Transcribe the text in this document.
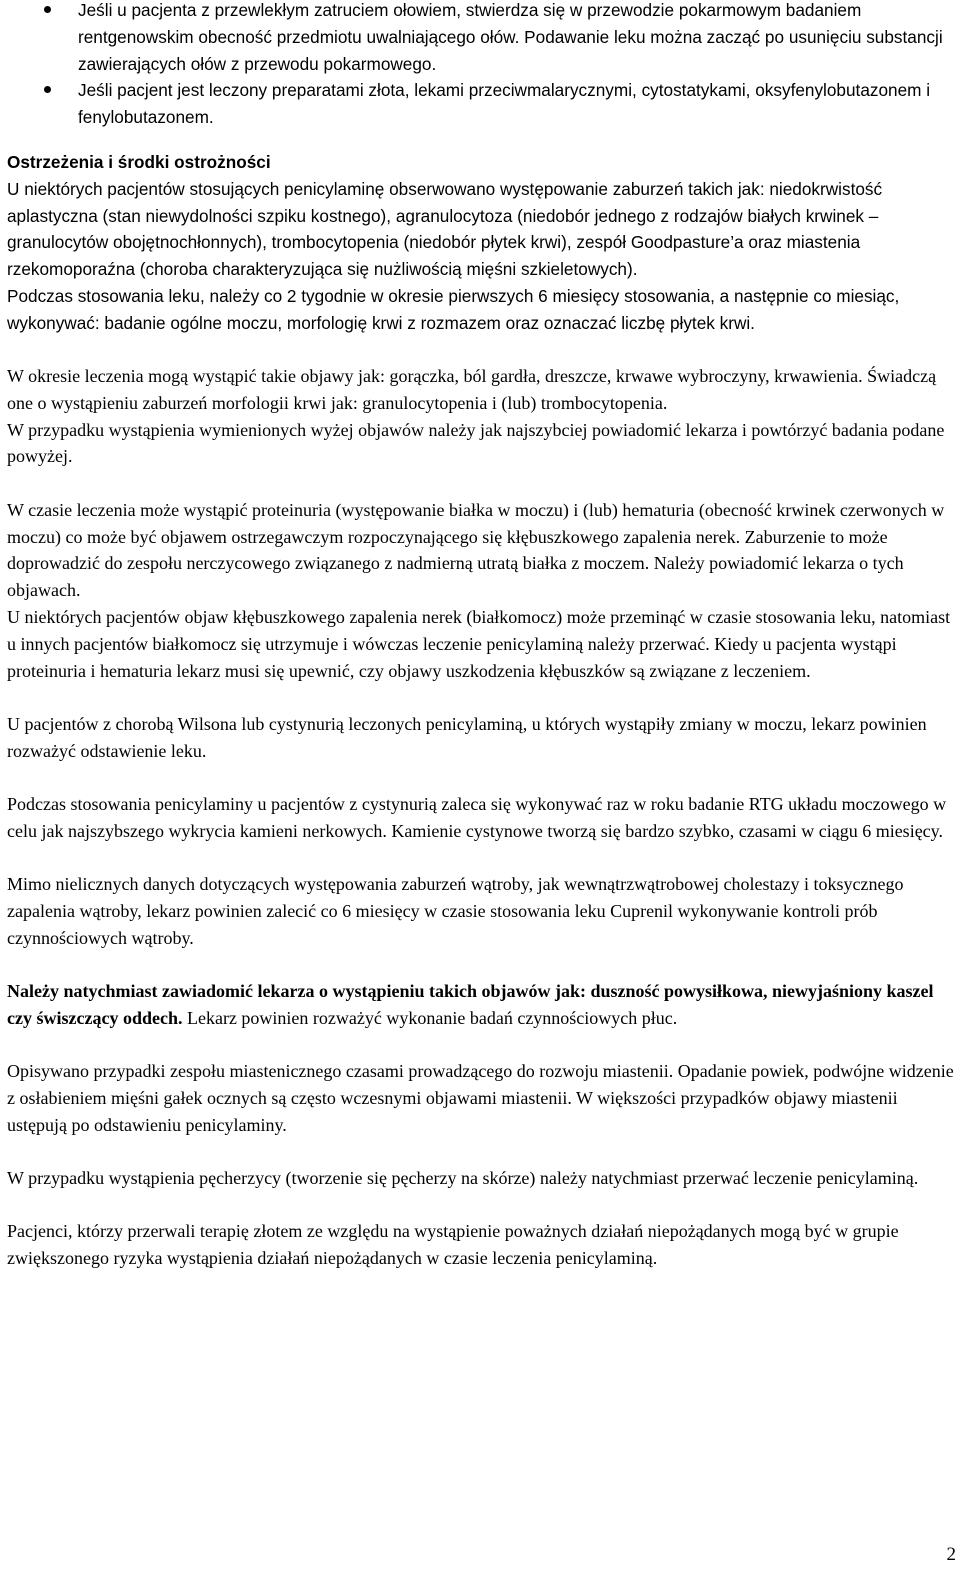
Jeśli u pacjenta z przewlekłym zatruciem ołowiem, stwierdza się w przewodzie pokarmowym badaniem rentgenowskim obecność przedmiotu uwalniającego ołów. Podawanie leku można zacząć po usunięciu substancji zawierających ołów z przewodu pokarmowego.
Jeśli pacjent jest leczony preparatami złota, lekami przeciwmalarycznymi, cytostatykami, oksyfenylobutazonem i fenylobutazonem.
Ostrzeżenia i środki ostrożności

U niektórych pacjentów stosujących penicylaminę obserwowano występowanie zaburzeń takich jak: niedokrwistość aplastyczna (stan niewydolności szpiku kostnego), agranulocytoza (niedobór jednego z rodzajów białych krwinek – granulocytów obojętnochłonnych), trombocytopenia (niedobór płytek krwi), zespół Goodpasture’a oraz miastenia rzekomoporaźna (choroba charakteryzująca się nużliwością mięśni szkieletowych).

Podczas stosowania leku, należy co 2 tygodnie w okresie pierwszych 6 miesięcy stosowania, a następnie co miesiąc, wykonywać: badanie ogólne moczu, morfologię krwi z rozmazem oraz oznaczać liczbę płytek krwi.

W okresie leczenia mogą wystąpić takie objawy jak: gorączka, ból gardła, dreszcze, krwawe wybroczyny, krwawienia. Świadczą one o wystąpieniu zaburzeń morfologii krwi jak: granulocytopenia i (lub) trombocytopenia.

W przypadku wystąpienia wymienionych wyżej objawów należy jak najszybciej powiadomić lekarza i powtórzyć badania podane powyżej.

W czasie leczenia może wystąpić proteinuria (występowanie białka w moczu) i (lub) hematuria (obecność krwinek czerwonych w moczu) co może być objawem ostrzegawczym rozpoczynającego się kłębuszkowego zapalenia nerek. Zaburzenie to może doprowadzić do zespołu nerczycowego związanego z nadmierną utratą białka z moczem. Należy powiadomić lekarza o tych objawach.

U niektórych pacjentów objaw kłębuszkowego zapalenia nerek (białkomocz) może przeminąć w czasie stosowania leku, natomiast u innych pacjentów białkomocz się utrzymuje i wówczas leczenie penicylaminą należy przerwać. Kiedy u pacjenta wystąpi proteinuria i hematuria lekarz musi się upewnić, czy objawy uszkodzenia kłębuszków są związane z leczeniem.

U pacjentów z chorobą Wilsona lub cystynurią leczonych penicylaminą, u których wystąpiły zmiany w moczu, lekarz powinien rozważyć odstawienie leku.

Podczas stosowania penicylaminy u pacjentów z cystynurią zaleca się wykonywać raz w roku badanie RTG układu moczowego w celu jak najszybszego wykrycia kamieni nerkowych. Kamienie cystynowe tworzą się bardzo szybko, czasami w ciągu 6 miesięcy.

Mimo nielicznych danych dotyczących występowania zaburzeń wątroby, jak wewnątrzwątrobowej cholestazy i toksycznego zapalenia wątroby, lekarz powinien zalecić co 6 miesięcy w czasie stosowania leku Cuprenil wykonywanie kontroli prób czynnościowych wątroby.

Należy natychmiast zawiadomić lekarza o wystąpieniu takich objawów jak: duszność powysiłkowa, niewyjaśniony kaszel czy świszczący oddech. Lekarz powinien rozważyć wykonanie badań czynnościowych płuc.

Opisywano przypadki zespołu miastenicznego czasami prowadzącego do rozwoju miastenii. Opadanie powiek, podwójne widzenie z osłabieniem mięśni gałek ocznych są często wczesnymi objawami miastenii. W większości przypadków objawy miastenii ustępują po odstawieniu penicylaminy.

W przypadku wystąpienia pęcherzycy (tworzenie się pęcherzy na skórze) należy natychmiast przerwać leczenie penicylaminą.

Pacjenci, którzy przerwali terapię złotem ze względu na wystąpienie poważnych działań niepożądanych mogą być w grupie zwiększonego ryzyka wystąpienia działań niepożądanych w czasie leczenia penicylaminą.

2
